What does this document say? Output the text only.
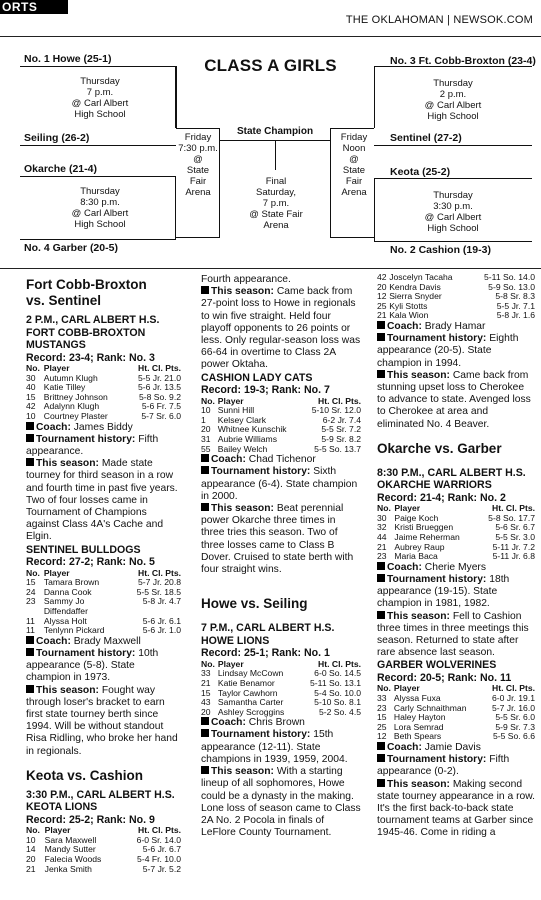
ORTS
THE OKLAHOMAN | NEWSOK.COM
CLASS A GIRLS
No. 1 Howe (25-1)
Thursday
7 p.m.
@ Carl Albert
High School
Seiling (26-2)
Okarche (21-4)
Thursday
8:30 p.m.
@ Carl Albert
High School
No. 4 Garber (20-5)
Friday
7:30 p.m.
@
State
Fair
Arena
State Champion
Final
Saturday,
7 p.m.
@ State Fair
Arena
Friday
Noon
@
State
Fair
Arena
No. 3 Ft. Cobb-Broxton (23-4)
Thursday
2 p.m.
@ Carl Albert
High School
Sentinel (27-2)
Keota (25-2)
Thursday
3:30 p.m.
@ Carl Albert
High School
No. 2 Cashion (19-3)
Fort Cobb-Broxton
vs. Sentinel
2 P.M., CARL ALBERT H.S.
FORT COBB-BROXTON
MUSTANGS
Record: 23-4; Rank: No. 3
No.	Player	Ht. Cl. Pts.
30	Autumn Klugh	5-5 Jr. 21.0
40	Katie Tilley	5-6 Jr. 13.5
15	Brittney Johnson	5-8 So. 9.2
42	Adalynn Klugh	5-6 Fr. 7.5
10	Courtney Plaster	5-7 Sr. 6.0

Coach: James Biddy

Tournament history: Fifth appearance.

This season: Made state tourney for third season in a row and fourth time in past five years. Two of four losses came in Tournament of Champions against Class 4A's Cache and Elgin.

SENTINEL BULLDOGS
Record: 27-2; Rank: No. 5
No.	Player	Ht. Cl. Pts.
15	Tamara Brown	5-7 Jr. 20.8
24	Danna Cook	5-5 Sr. 18.5
23	Sammy Jo Diffendaffer	5-8 Jr. 4.7
11	Alyssa Holt	5-6 Jr. 6.1
11	Tenlynn Pickard	5-6 Jr. 1.0

Coach: Brady Maxwell

Tournament history: 10th appearance (5-8). State champion in 1973.

This season: Fought way through loser's bracket to earn first state tourney berth since 1994. Will be without standout Risa Ridling, who broke her hand in regionals.

Keota vs. Cashion
3:30 P.M., CARL ALBERT H.S.
KEOTA LIONS
Record: 25-2; Rank: No. 9
No.	Player	Ht. Cl. Pts.
10	Sara Maxwell	6-0 Sr. 14.0
14	Mandy Sutter	5-6 Jr. 6.7
20	Falecia Woods	5-4 Fr. 10.0
21	Jenka Smith	5-7 Jr. 5.2

Fourth appearance.

This season: Came back from 27-point loss to Howe in regionals to win five straight. Held four playoff opponents to 26 points or less. Only regular-season loss was 66-64 in overtime to Class 2A power Oktaha.

CASHION LADY CATS
Record: 19-3; Rank: No. 7
No.	Player	Ht. Cl. Pts.
10	Sunni Hill	5-10 Sr. 12.0
1	Kelsey Clark	6-2 Jr. 7.4
20	Whitnee Kunschik	5-5 Sr. 7.2
31	Aubrie Williams	5-9 Sr. 8.2
55	Bailey Welch	5-5 So. 13.7

Coach: Chad Tichenor

Tournament history: Sixth appearance (6-4). State champion in 2000.

This season: Beat perennial power Okarche three times in three tries this season. Two of three losses came to Class B Dover. Cruised to state berth with four straight wins.

Howe vs. Seiling
7 P.M., CARL ALBERT H.S.
HOWE LIONS
Record: 25-1; Rank: No. 1
No.	Player	Ht. Cl. Pts.
33	Lindsay McCown	6-0 So. 14.5
21	Katie Benamor	5-11 So. 13.1
15	Taylor Cawhorn	5-4 So. 10.0
43	Samantha Carter	5-10 So. 8.1
20	Ashley Scroggins	5-2 So. 4.5

Coach: Chris Brown

Tournament history: 15th appearance (12-11). State champions in 1939, 1959, 2004.

This season: With a starting lineup of all sophomores, Howe could be a dynasty in the making. Lone loss of season came to Class 2A No. 2 Pocola in finals of LeFlore County Tournament.

42	Joscelyn Tacaha	5-11 So. 14.0
20	Kendra Davis	5-9 So. 13.0
12	Sierra Snyder	5-8 Sr. 8.3
25	Kyli Stotts	5-5 Jr. 7.1
21	Kala Wion	5-8 Jr. 1.6

Coach: Brady Hamar

Tournament history: Eighth appearance (20-5). State champion in 1994.

This season: Came back from stunning upset loss to Cherokee to advance to state. Avenged loss to Cherokee at area and eliminated No. 4 Beaver.

Okarche vs. Garber
8:30 P.M., CARL ALBERT H.S.
OKARCHE WARRIORS
Record: 21-4; Rank: No. 2
No.	Player	Ht. Cl. Pts.
30	Paige Koch	5-8 So. 17.7
32	Kristi Brueggen	5-6 Sr. 6.7
44	Jaime Reherman	5-5 Sr. 3.0
21	Aubrey Raup	5-11 Jr. 7.2
23	Maria Baca	5-11 Jr. 6.8

Coach: Cherie Myers

Tournament history: 18th appearance (19-15). State champion in 1981, 1982.

This season: Fell to Cashion three times in three meetings this season. Returned to state after rare absence last season.

GARBER WOLVERINES
Record: 20-5; Rank: No. 11
No.	Player	Ht. Cl. Pts.
33	Alyssa Fuxa	6-0 Jr. 19.1
23	Carly Schnaithman	5-7 Jr. 16.0
15	Haley Hayton	5-5 Sr. 6.0
25	Lora Semrad	5-9 Sr. 7.3
12	Beth Spears	5-5 So. 6.6

Coach: Jamie Davis

Tournament history: Fifth appearance (0-2).

This season: Making second state tourney appearance in a row. It's the first back-to-back state tournament teams at Garber since 1945-46. Come in riding a
